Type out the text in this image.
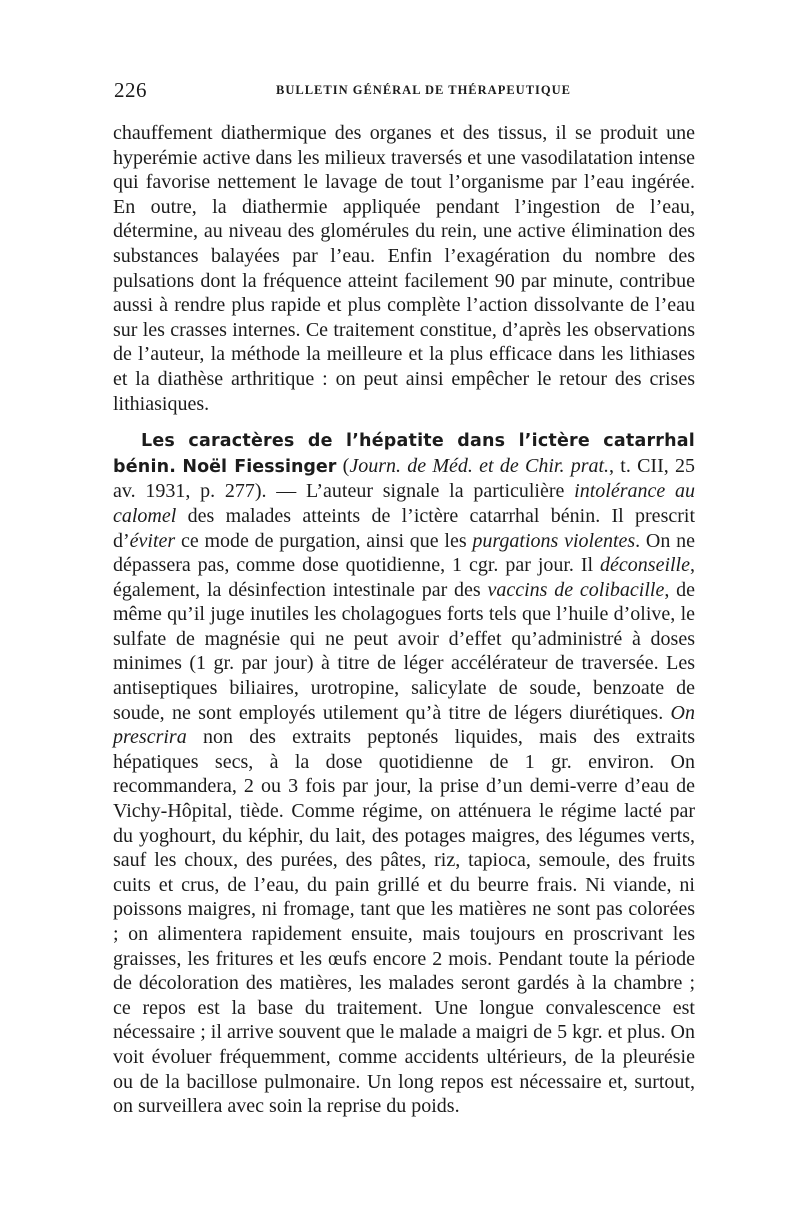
226	BULLETIN GÉNÉRAL DE THÉRAPEUTIQUE

chauffement diathermique des organes et des tissus, il se produit une hyperémie active dans les milieux traversés et une vasodilatation intense qui favorise nettement le lavage de tout l’organisme par l’eau ingérée. En outre, la diathermie appliquée pendant l’ingestion de l’eau, détermine, au niveau des glomérules du rein, une active élimination des substances balayées par l’eau. Enfin l’exagération du nombre des pulsations dont la fréquence atteint facilement 90 par minute, contribue aussi à rendre plus rapide et plus complète l’action dissolvante de l’eau sur les crasses internes. Ce traitement constitue, d’après les observations de l’auteur, la méthode la meilleure et la plus efficace dans les lithiases et la diathèse arthritique : on peut ainsi empêcher le retour des crises lithiasiques.

Les caractères de l’hépatite dans l’ictère catarrhal bénin. Noël Fiessinger (Journ. de Méd. et de Chir. prat., t. CII, 25 av. 1931, p. 277). — L’auteur signale la particulière intolérance au calomel des malades atteints de l’ictère catarrhal bénin. Il prescrit d’éviter ce mode de purgation, ainsi que les purgations violentes. On ne dépassera pas, comme dose quotidienne, 1 cgr. par jour. Il déconseille, également, la désinfection intestinale par des vaccins de colibacille, de même qu’il juge inutiles les cholagogues forts tels que l’huile d’olive, le sulfate de magnésie qui ne peut avoir d’effet qu’administré à doses minimes (1 gr. par jour) à titre de léger accélérateur de traversée. Les antiseptiques biliaires, urotropine, salicylate de soude, benzoate de soude, ne sont employés utilement qu’à titre de légers diurétiques. On prescrira non des extraits peptonés liquides, mais des extraits hépatiques secs, à la dose quotidienne de 1 gr. environ. On recommandera, 2 ou 3 fois par jour, la prise d’un demi-verre d’eau de Vichy-Hôpital, tiède. Comme régime, on atténuera le régime lacté par du yoghourt, du képhir, du lait, des potages maigres, des légumes verts, sauf les choux, des purées, des pâtes, riz, tapioca, semoule, des fruits cuits et crus, de l’eau, du pain grillé et du beurre frais. Ni viande, ni poissons maigres, ni fromage, tant que les matières ne sont pas colorées ; on alimentera rapidement ensuite, mais toujours en proscrivant les graisses, les fritures et les œufs encore 2 mois. Pendant toute la période de décoloration des matières, les malades seront gardés à la chambre ; ce repos est la base du traitement. Une longue convalescence est nécessaire ; il arrive souvent que le malade a maigri de 5 kgr. et plus. On voit évoluer fréquemment, comme accidents ultérieurs, de la pleurésie ou de la bacillose pulmonaire. Un long repos est nécessaire et, surtout, on surveillera avec soin la reprise du poids.
